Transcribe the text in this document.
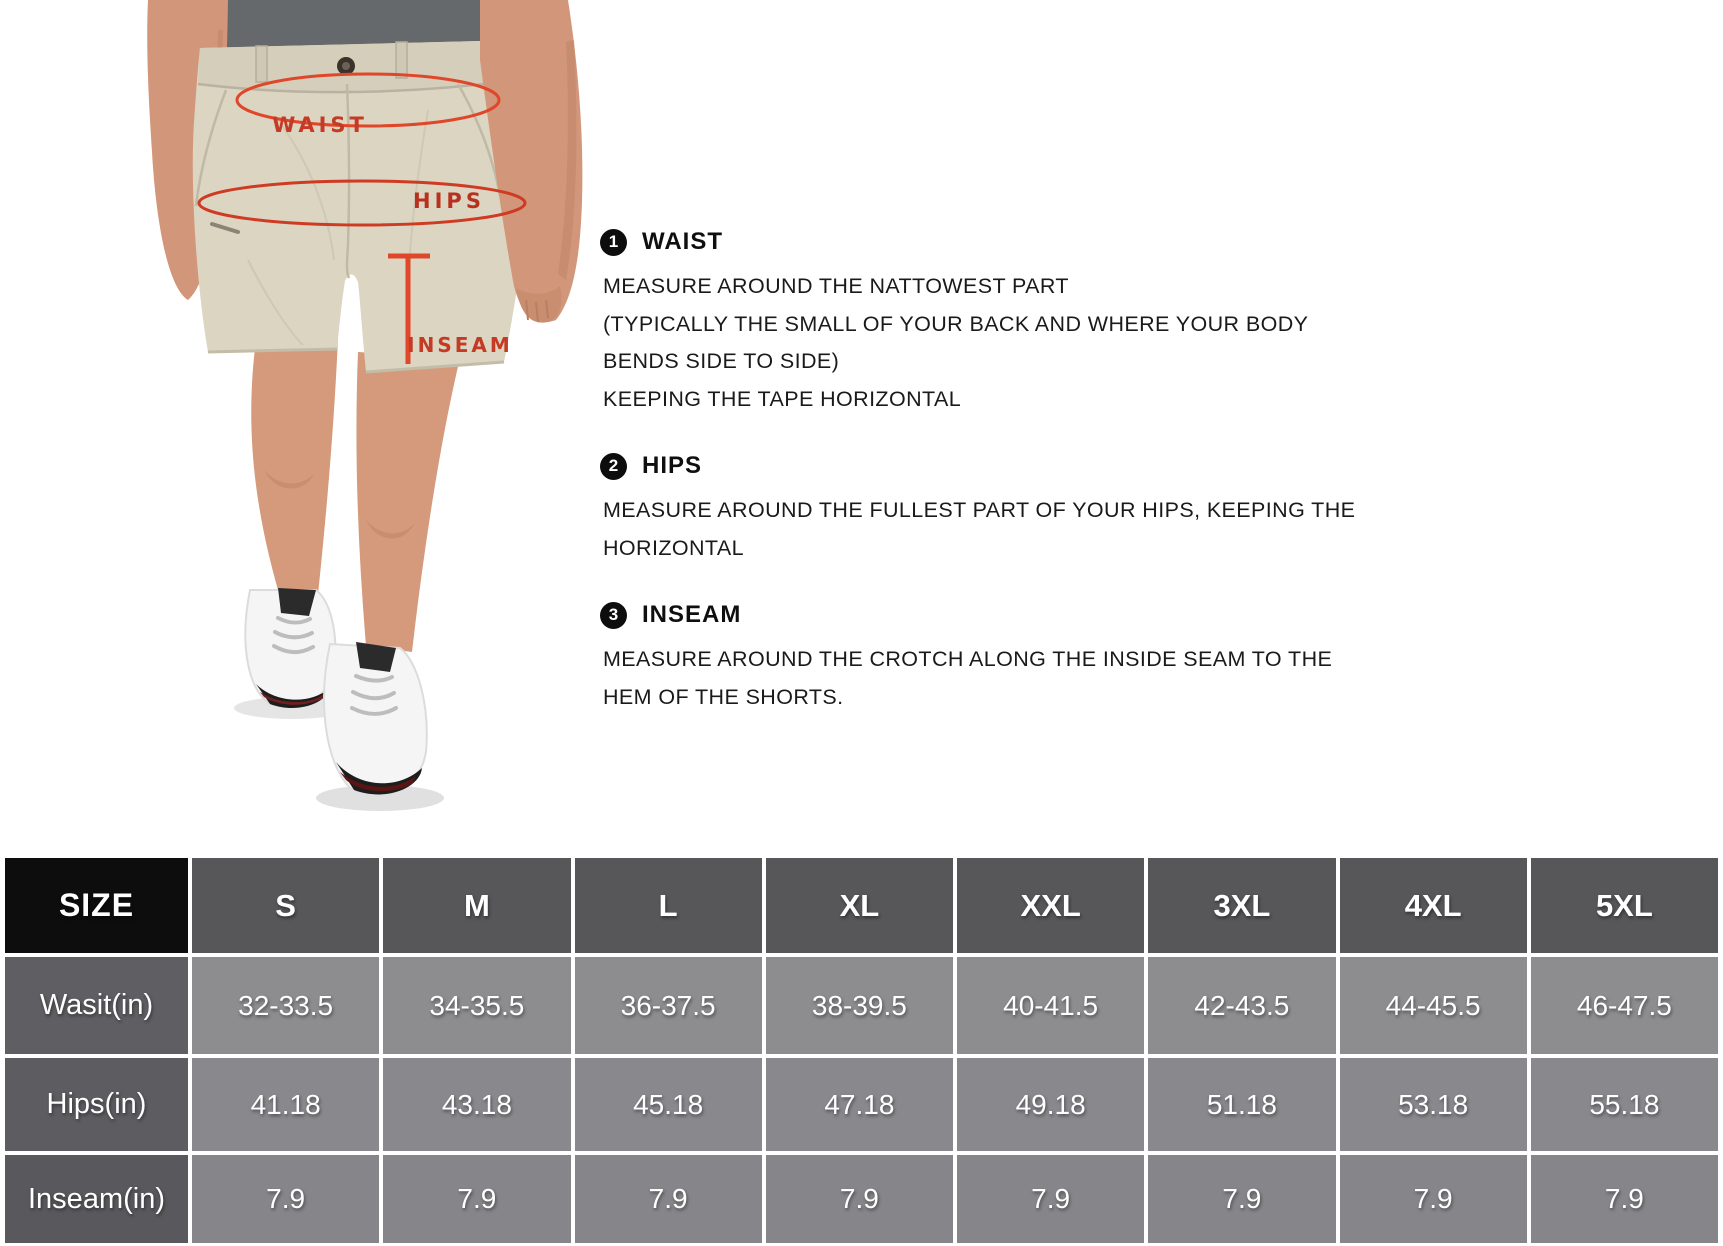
WAIST
HIPS
INSEAM
1 WAIST
MEASURE AROUND THE NATTOWEST PART
(TYPICALLY THE SMALL OF YOUR BACK AND WHERE YOUR BODY
BENDS SIDE TO SIDE)
KEEPING THE TAPE HORIZONTAL
2 HIPS
MEASURE AROUND THE FULLEST PART OF YOUR HIPS, KEEPING THE
HORIZONTAL
3 INSEAM
MEASURE AROUND THE CROTCH ALONG THE INSIDE SEAM TO THE
HEM OF THE SHORTS.
SIZE	S	M	L	XL	XXL	3XL	4XL	5XL
Wasit(in)	32-33.5	34-35.5	36-37.5	38-39.5	40-41.5	42-43.5	44-45.5	46-47.5
Hips(in)	41.18	43.18	45.18	47.18	49.18	51.18	53.18	55.18
Inseam(in)	7.9	7.9	7.9	7.9	7.9	7.9	7.9	7.9
